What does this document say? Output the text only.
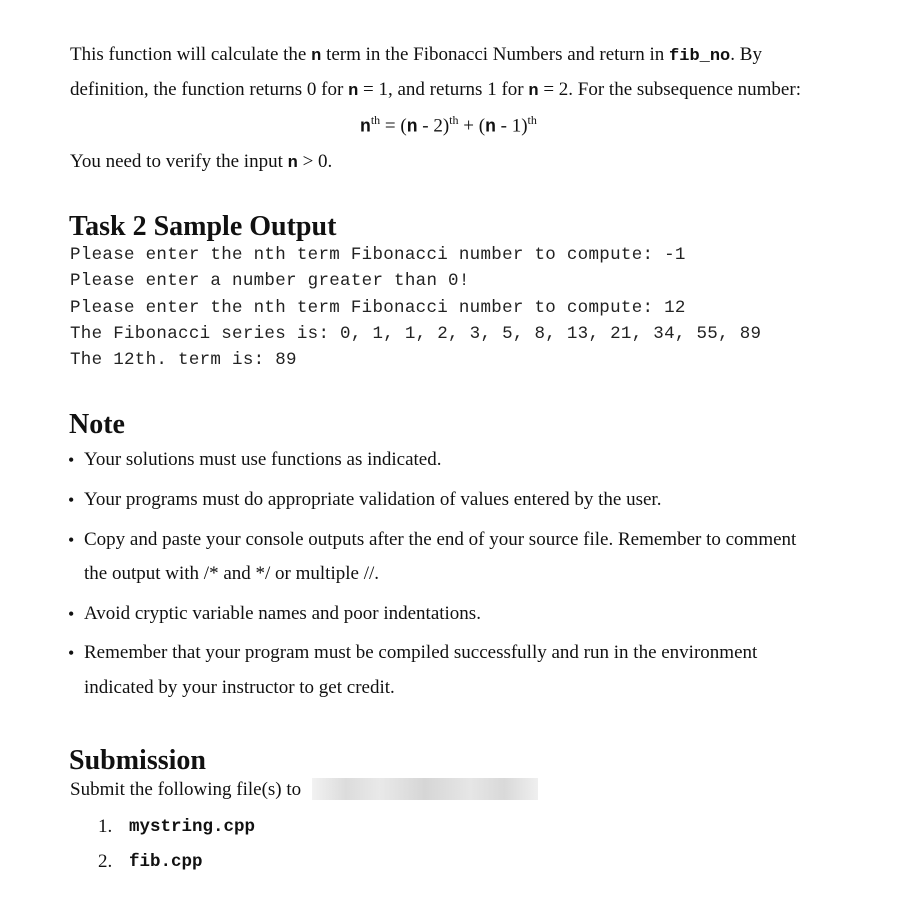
This function will calculate the n term in the Fibonacci Numbers and return in fib_no. By
definition, the function returns 0 for n = 1, and returns 1 for n = 2. For the subsequence number:
$n^{th} = (n - 2)^{th} + (n - 1)^{th}$
You need to verify the input n > 0.
Task 2 Sample Output
Please enter the nth term Fibonacci number to compute: -1
Please enter a number greater than 0!
Please enter the nth term Fibonacci number to compute: 12
The Fibonacci series is: 0, 1, 1, 2, 3, 5, 8, 13, 21, 34, 55, 89
The 12th. term is: 89
Note
• Your solutions must use functions as indicated.
• Your programs must do appropriate validation of values entered by the user.
• Copy and paste your console outputs after the end of your source file. Remember to comment
the output with /* and */ or multiple //.
• Avoid cryptic variable names and poor indentations.
• Remember that your program must be compiled successfully and run in the environment
indicated by your instructor to get credit.
Submission
Submit the following file(s) to
1. mystring.cpp
2. fib.cpp
